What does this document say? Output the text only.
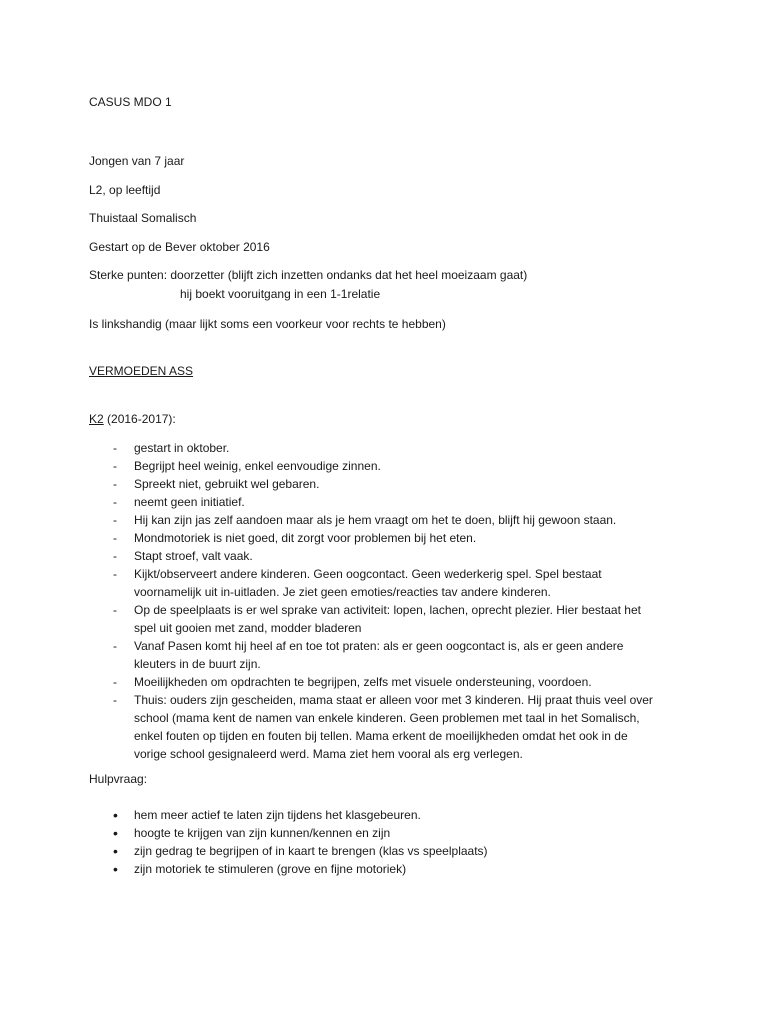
CASUS MDO 1
Jongen van 7 jaar
L2, op leeftijd
Thuistaal Somalisch
Gestart op de Bever oktober 2016
Sterke punten: doorzetter (blijft zich inzetten ondanks dat het heel moeizaam gaat)
hij boekt vooruitgang in een 1-1relatie
Is linkshandig (maar lijkt soms een voorkeur voor rechts te hebben)
VERMOEDEN ASS
K2 (2016-2017):
- gestart in oktober.
- Begrijpt heel weinig, enkel eenvoudige zinnen.
- Spreekt niet, gebruikt wel gebaren.
- neemt geen initiatief.
- Hij kan zijn jas zelf aandoen maar als je hem vraagt om het te doen, blijft hij gewoon staan.
- Mondmotoriek is niet goed, dit zorgt voor problemen bij het eten.
- Stapt stroef, valt vaak.
- Kijkt/observeert andere kinderen. Geen oogcontact. Geen wederkerig spel. Spel bestaat voornamelijk uit in-uitladen. Je ziet geen emoties/reacties tav andere kinderen.
- Op de speelplaats is er wel sprake van activiteit: lopen, lachen, oprecht plezier. Hier bestaat het spel uit gooien met zand, modder bladeren
- Vanaf Pasen komt hij heel af en toe tot praten: als er geen oogcontact is, als er geen andere kleuters in de buurt zijn.
- Moeilijkheden om opdrachten te begrijpen, zelfs met visuele ondersteuning, voordoen.
- Thuis: ouders zijn gescheiden, mama staat er alleen voor met 3 kinderen. Hij praat thuis veel over school (mama kent de namen van enkele kinderen. Geen problemen met taal in het Somalisch, enkel fouten op tijden en fouten bij tellen. Mama erkent de moeilijkheden omdat het ook in de vorige school gesignaleerd werd. Mama ziet hem vooral als erg verlegen.
Hulpvraag:
• hem meer actief te laten zijn tijdens het klasgebeuren.
• hoogte te krijgen van zijn kunnen/kennen en zijn
• zijn gedrag te begrijpen of in kaart te brengen (klas vs speelplaats)
• zijn motoriek te stimuleren (grove en fijne motoriek)
